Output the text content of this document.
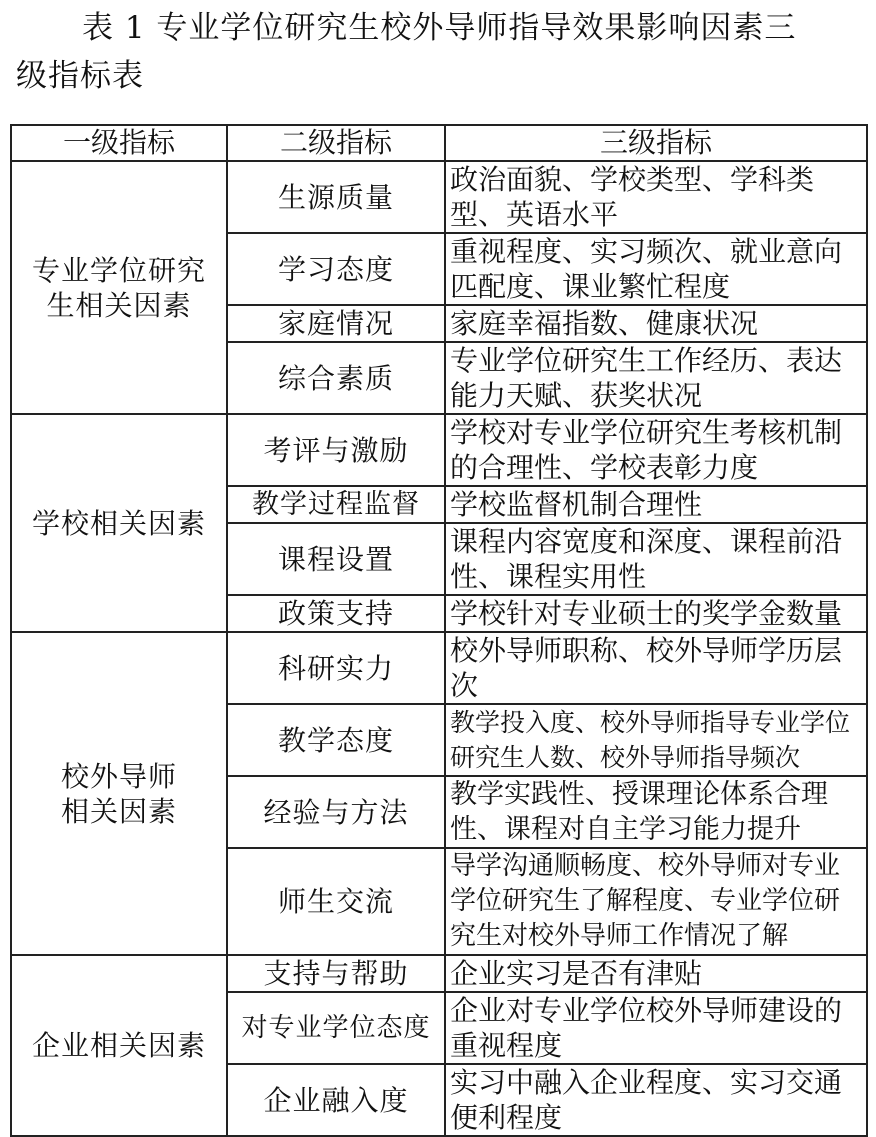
表 1 专业学位研究生校外导师指导效果影响因素三
级指标表

一级指标	二级指标	三级指标
专业学位研究生相关因素	生源质量	政治面貌、学校类型、学科类型、英语水平
	学习态度	重视程度、实习频次、就业意向匹配度、课业繁忙程度
	家庭情况	家庭幸福指数、健康状况
	综合素质	专业学位研究生工作经历、表达能力天赋、获奖状况
学校相关因素	考评与激励	学校对专业学位研究生考核机制的合理性、学校表彰力度
	教学过程监督	学校监督机制合理性
	课程设置	课程内容宽度和深度、课程前沿性、课程实用性
	政策支持	学校针对专业硕士的奖学金数量
校外导师相关因素	科研实力	校外导师职称、校外导师学历层次
	教学态度	教学投入度、校外导师指导专业学位研究生人数、校外导师指导频次
	经验与方法	教学实践性、授课理论体系合理性、课程对自主学习能力提升
	师生交流	导学沟通顺畅度、校外导师对专业学位研究生了解程度、专业学位研究生对校外导师工作情况了解
企业相关因素	支持与帮助	企业实习是否有津贴
	对专业学位态度	企业对专业学位校外导师建设的重视程度
	企业融入度	实习中融入企业程度、实习交通便利程度
